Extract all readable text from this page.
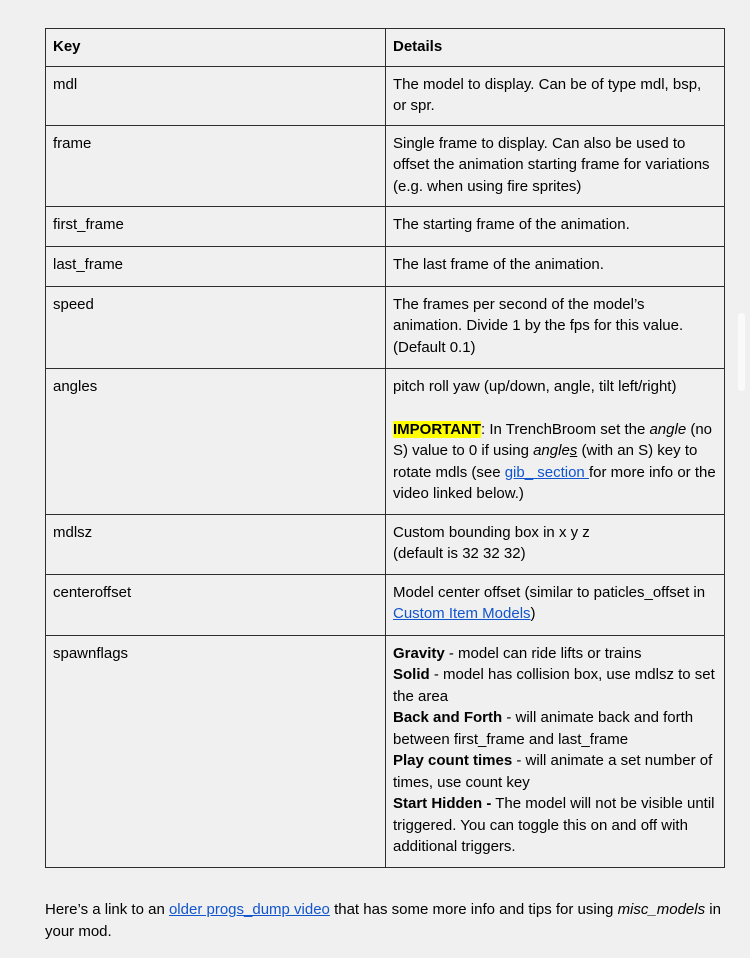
Key	Details
mdl	The model to display. Can be of type mdl, bsp, or spr.
frame	Single frame to display. Can also be used to offset the animation starting frame for variations (e.g. when using fire sprites)
first_frame	The starting frame of the animation.
last_frame	The last frame of the animation.
speed	The frames per second of the model’s animation. Divide 1 by the fps for this value. (Default 0.1)
angles	pitch roll yaw (up/down, angle, tilt left/right)
IMPORTANT: In TrenchBroom set the angle (no S) value to 0 if using angles (with an S) key to rotate mdls (see gib_ section for more info or the video linked below.)

mdlsz	Custom bounding box in x y z
(default is 32 32 32)

centeroffset	Model center offset (similar to paticles_offset in Custom Item Models)
spawnflags	Gravity - model can ride lifts or trains
Solid - model has collision box, use mdlsz to set the area
Back and Forth - will animate back and forth between first_frame and last_frame
Play count times - will animate a set number of times, use count key
Start Hidden - The model will not be visible until triggered. You can toggle this on and off with additional triggers.

Here’s a link to an older progs_dump video that has some more info and tips for using misc_models in your mod.
